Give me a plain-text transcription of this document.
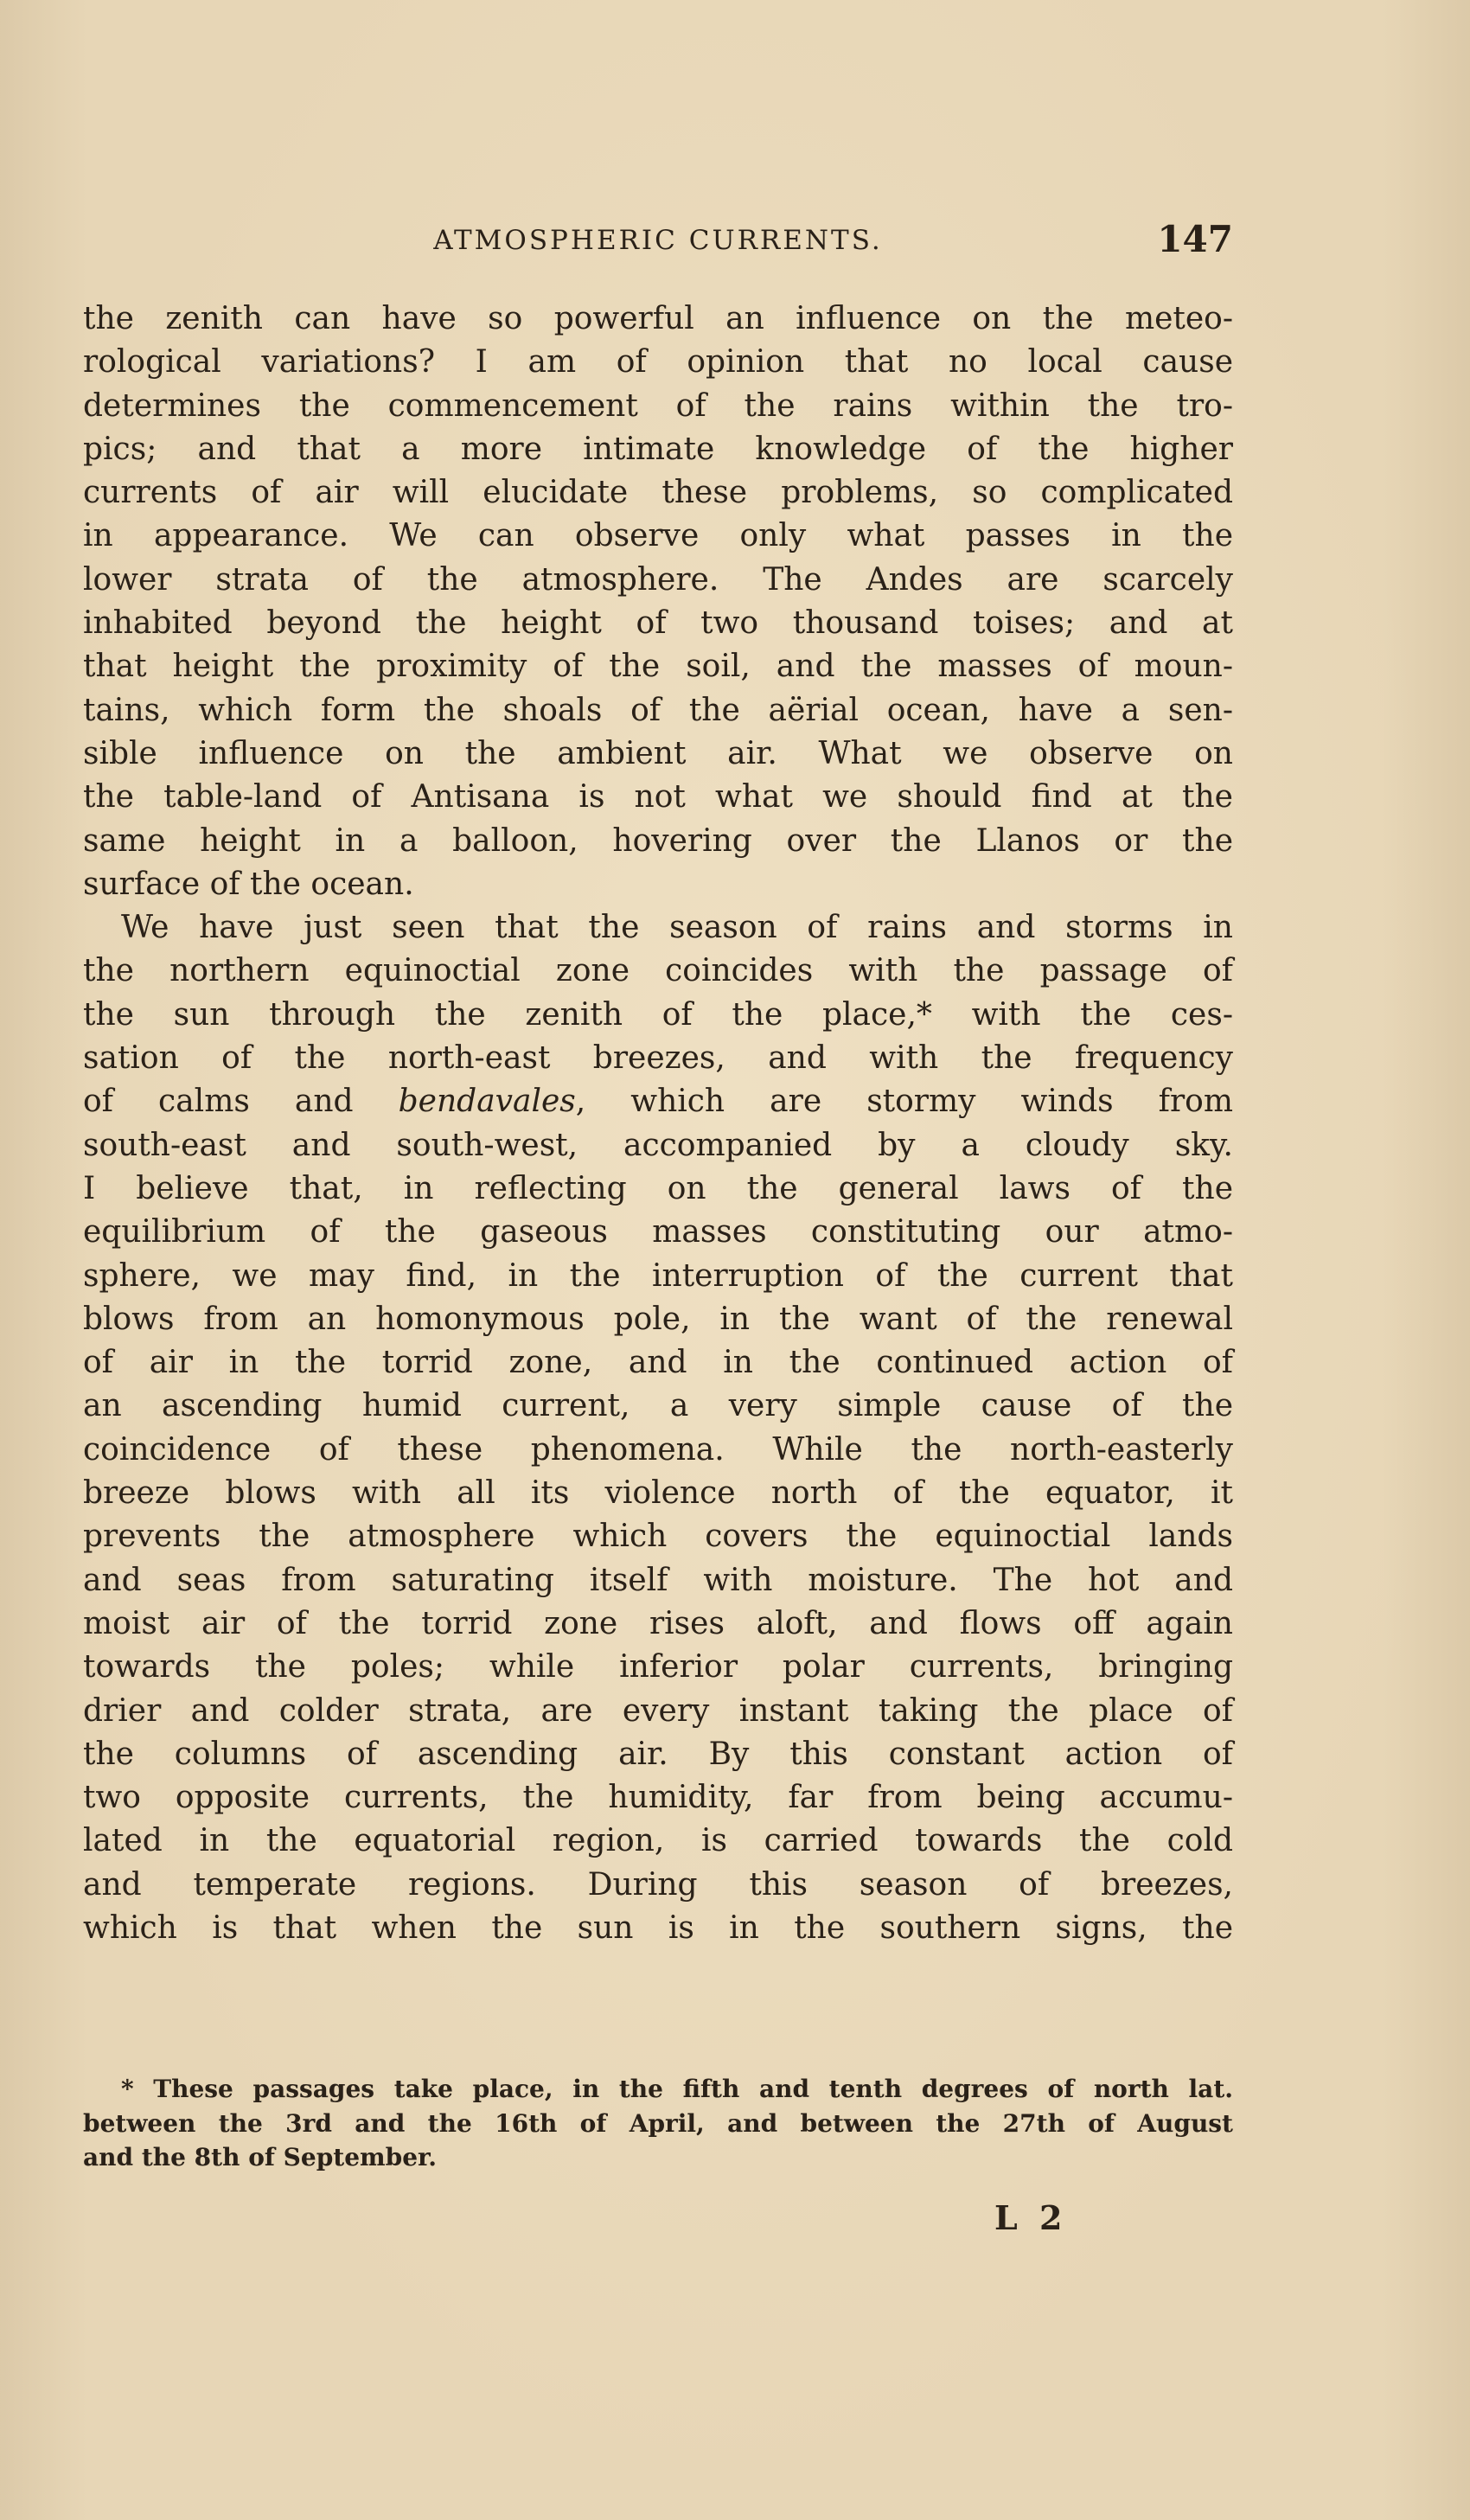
ATMOSPHERIC CURRENTS.	147
the zenith can have so powerful an influence on the meteo-
rological variations? I am of opinion that no local cause
determines the commencement of the rains within the tro-
pics; and that a more intimate knowledge of the higher
currents of air will elucidate these problems, so complicated
in appearance. We can observe only what passes in the
lower strata of the atmosphere. The Andes are scarcely
inhabited beyond the height of two thousand toises; and at
that height the proximity of the soil, and the masses of moun-
tains, which form the shoals of the aërial ocean, have a sen-
sible influence on the ambient air. What we observe on
the table-land of Antisana is not what we should find at the
same height in a balloon, hovering over the Llanos or the
surface of the ocean.
We have just seen that the season of rains and storms in
the northern equinoctial zone coincides with the passage of
the sun through the zenith of the place,* with the ces-
sation of the north-east breezes, and with the frequency
of calms and bendavales, which are stormy winds from
south-east and south-west, accompanied by a cloudy sky.
I believe that, in reflecting on the general laws of the
equilibrium of the gaseous masses constituting our atmo-
sphere, we may find, in the interruption of the current that
blows from an homonymous pole, in the want of the renewal
of air in the torrid zone, and in the continued action of
an ascending humid current, a very simple cause of the
coincidence of these phenomena. While the north-easterly
breeze blows with all its violence north of the equator, it
prevents the atmosphere which covers the equinoctial lands
and seas from saturating itself with moisture. The hot and
moist air of the torrid zone rises aloft, and flows off again
towards the poles; while inferior polar currents, bringing
drier and colder strata, are every instant taking the place of
the columns of ascending air. By this constant action of
two opposite currents, the humidity, far from being accumu-
lated in the equatorial region, is carried towards the cold
and temperate regions. During this season of breezes,
which is that when the sun is in the southern signs, the
* These passages take place, in the fifth and tenth degrees of north lat.
between the 3rd and the 16th of April, and between the 27th of August
and the 8th of September.
L 2
